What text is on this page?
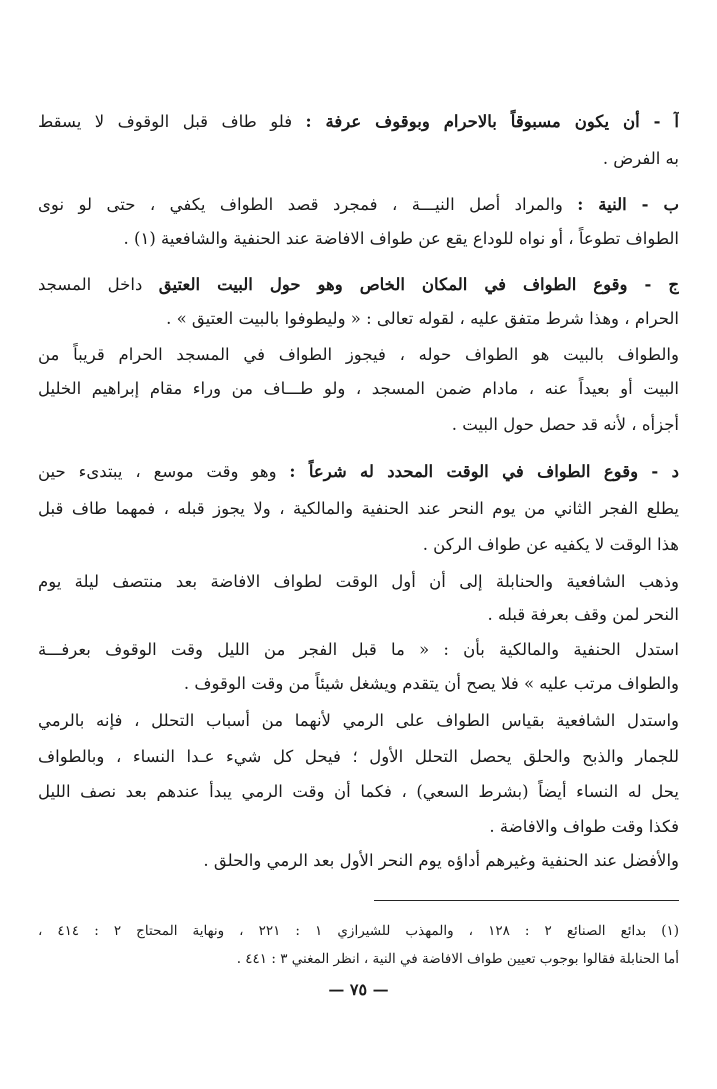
آ - أن يكون مسبوقاً بالاحرام وبوقوف عرفة : فلو طاف قبل الوقوف لا يسقط
به الفرض .
ب - النية : والمراد أصل النيـــة ، فمجرد قصد الطواف يكفي ، حتى لو نوى
الطواف تطوعاً ، أو نواه للوداع يقع عن طواف الافاضة عند الحنفية والشافعية (١) .
ج - وقوع الطواف في المكان الخاص وهو حول البيت العتيق داخل المسجد
الحرام ، وهذا شرط متفق عليه ، لقوله تعالى : « وليطوفوا بالبيت العتيق » .
والطواف بالبيت هو الطواف حوله ، فيجوز الطواف في المسجد الحرام قريباً من
البيت أو بعيداً عنه ، مادام ضمن المسجد ، ولو طـــاف من وراء مقام إبراهيم الخليل
أجزأه ، لأنه قد حصل حول البيت .
د - وقوع الطواف في الوقت المحدد له شرعاً : وهو وقت موسع ، يبتدىء حين
يطلع الفجر الثاني من يوم النحر عند الحنفية والمالكية ، ولا يجوز قبله ، فمهما طاف قبل
هذا الوقت لا يكفيه عن طواف الركن .
وذهب الشافعية والحنابلة إلى أن أول الوقت لطواف الافاضة بعد منتصف ليلة يوم
النحر لمن وقف بعرفة قبله .
استدل الحنفية والمالكية بأن : « ما قبل الفجر من الليل وقت الوقوف بعرفـــة
والطواف مرتب عليه » فلا يصح أن يتقدم ويشغل شيئاً من وقت الوقوف .
واستدل الشافعية بقياس الطواف على الرمي لأنهما من أسباب التحلل ، فإنه بالرمي
للجمار والذبح والحلق يحصل التحلل الأول ؛ فيحل كل شيء عـدا النساء ، وبالطواف
يحل له النساء أيضاً (بشرط السعي) ، فكما أن وقت الرمي يبدأ عندهم بعد نصف الليل
فكذا وقت طواف والافاضة .
والأفضل عند الحنفية وغيرهم أداؤه يوم النحر الأول بعد الرمي والحلق .
(١) بدائع الصنائع ٢ : ١٢٨ ، والمهذب للشيرازي ١ : ٢٢١ ، ونهاية المحتاج ٢ : ٤١٤ ،
أما الحنابلة فقالوا بوجوب تعيين طواف الافاضة في النية ، انظر المغني ٣ : ٤٤١ .
— ٧٥ —
